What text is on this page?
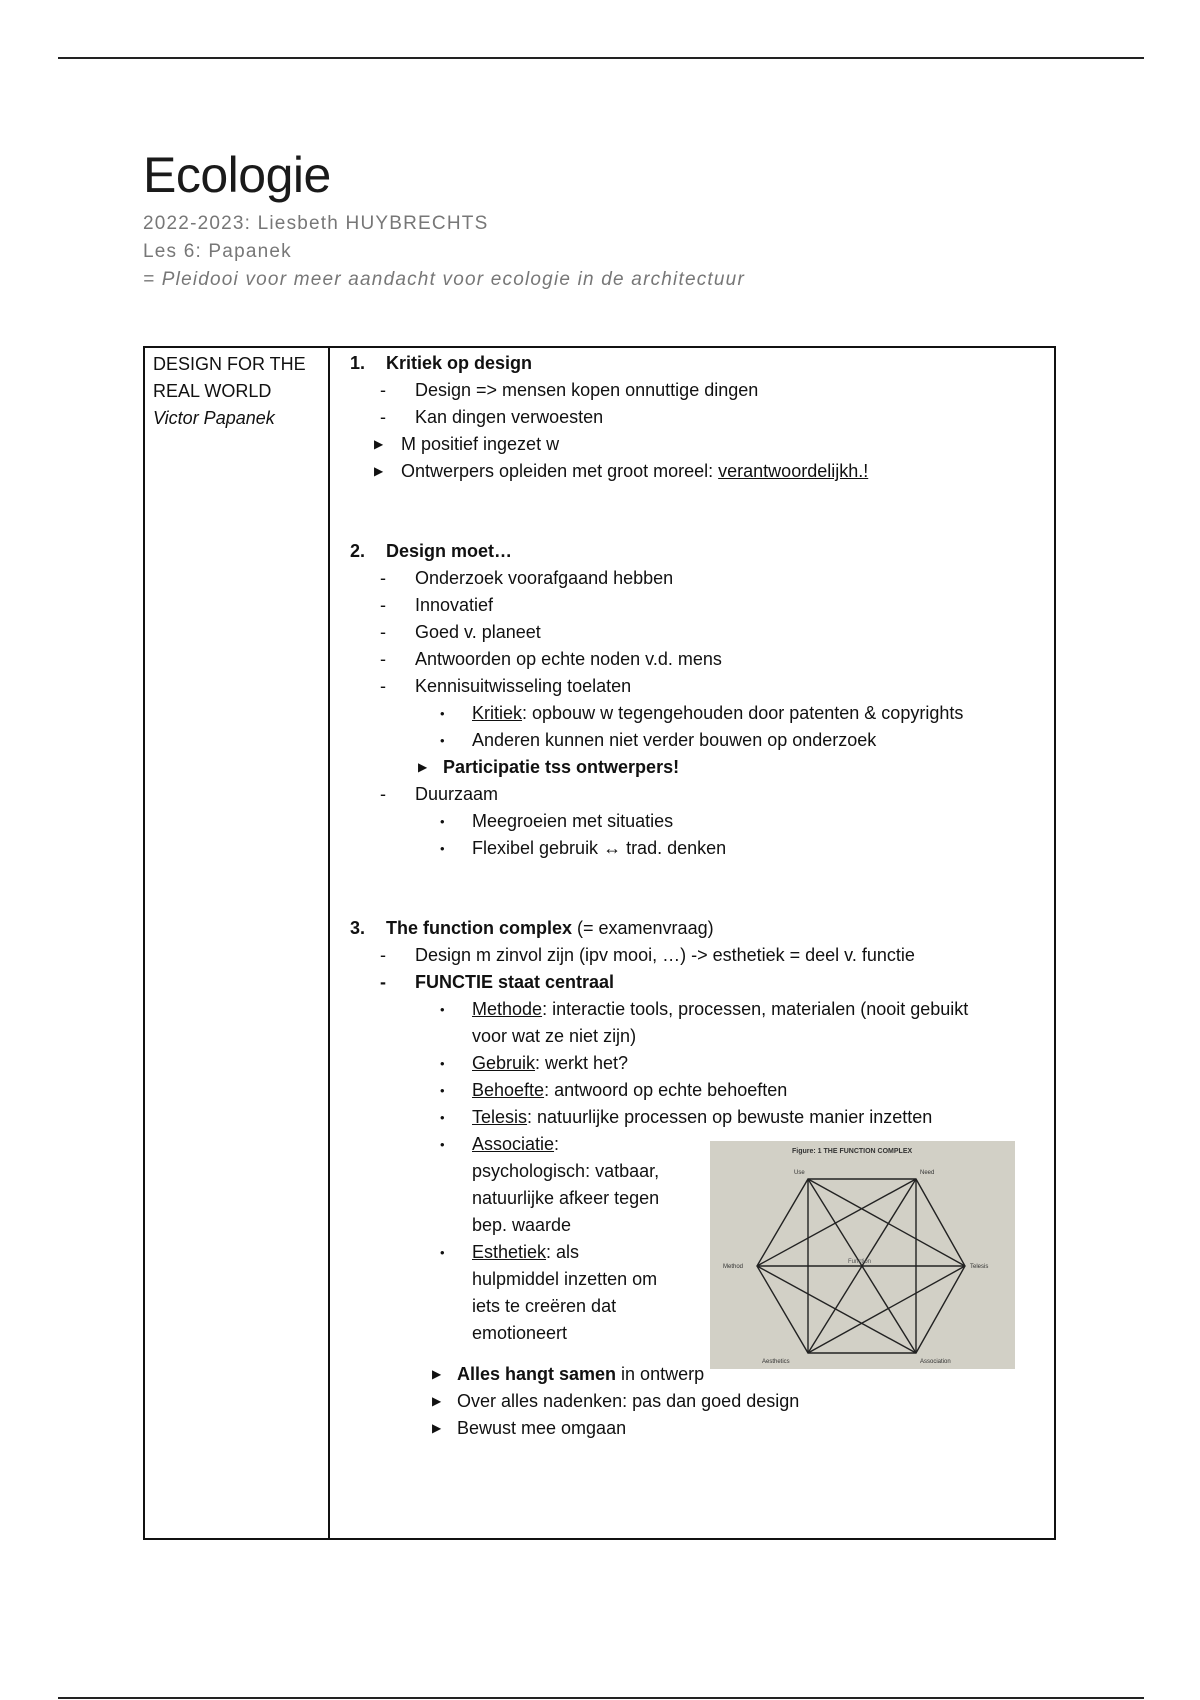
Ecologie
2022-2023: Liesbeth HUYBRECHTS
Les 6: Papanek
= Pleidooi voor meer aandacht voor ecologie in de architectuur
DESIGN FOR THE
REAL WORLD
Victor Papanek
1. Kritiek op design
- Design => mensen kopen onnuttige dingen
- Kan dingen verwoesten
▶ M positief ingezet w
▶ Ontwerpers opleiden met groot moreel: verantwoordelijkh.!
2. Design moet…
- Onderzoek voorafgaand hebben
- Innovatief
- Goed v. planeet
- Antwoorden op echte noden v.d. mens
- Kennisuitwisseling toelaten
• Kritiek: opbouw w tegengehouden door patenten & copyrights
• Anderen kunnen niet verder bouwen op onderzoek
▶ Participatie tss ontwerpers!
- Duurzaam
• Meegroeien met situaties
• Flexibel gebruik ↔ trad. denken
3. The function complex (= examenvraag)
- Design m zinvol zijn (ipv mooi, …) -> esthetiek = deel v. functie
- FUNCTIE staat centraal
• Methode: interactie tools, processen, materialen (nooit gebuikt
voor wat ze niet zijn)
• Gebruik: werkt het?
• Behoefte: antwoord op echte behoeften
• Telesis: natuurlijke processen op bewuste manier inzetten
• Associatie:
psychologisch: vatbaar,
natuurlijke afkeer tegen
bep. waarde
• Esthetiek: als
hulpmiddel inzetten om
iets te creëren dat
emotioneert
▶ Alles hangt samen in ontwerp
▶ Over alles nadenken: pas dan goed design
▶ Bewust mee omgaan
Figure: 1 THE FUNCTION COMPLEX
Use	Need
Method	Telesis
Aesthetics	Association
Function
